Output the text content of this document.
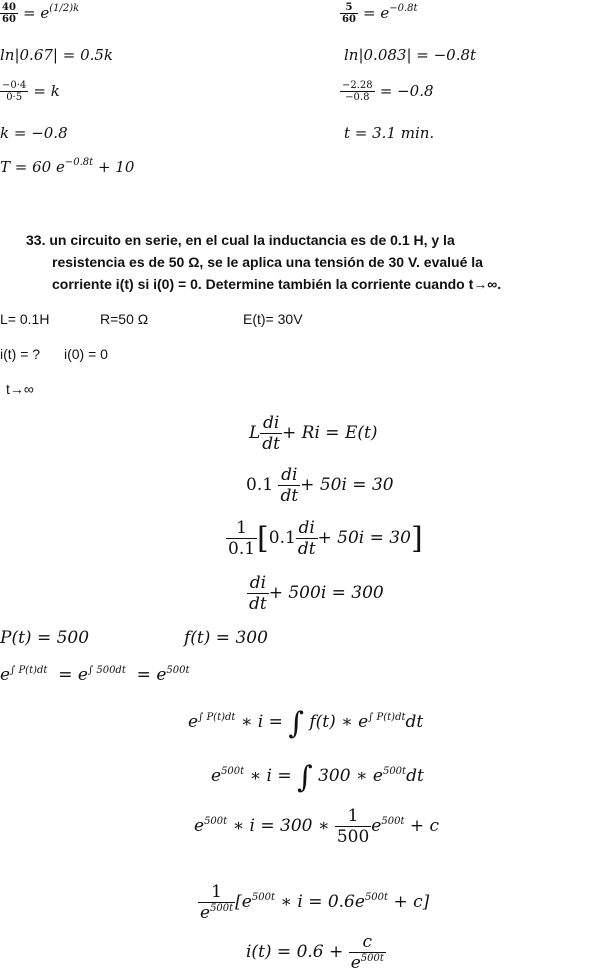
$\frac{40}{60} = e^{(1/2)k}$
ln|0.67| = 0.5k
$\frac{-0\cdot 4}{0\cdot 5} = k$
k = −0.8
T = 60 $e^{-0.8t} + 10$
$\frac{5}{60} = e^{-0.8t}$
ln|0.083| = −0.8t
$\frac{-2.28}{-0.8} = -0.8$
t = 3.1 min.
33. un circuito en serie, en el cual la inductancia es de 0.1 H, y la
resistencia es de 50 Ω, se le aplica una tensión de 30 V. evalué la
corriente i(t) si i(0) = 0. Determine también la corriente cuando t→∞.
L= 0.1H	R=50 Ω	E(t)= 30V
i(t) = ? i(0) = 0
t→∞
L $\frac{di}{dt} + Ri = E(t)$
$0.1 \frac{di}{dt} + 50i = 30$
$\frac{1}{0.1} [0.1 \frac{di}{dt} + 50i = 30]$
$\frac{di}{dt} + 500i = 300$
P(t) = 500	f(t) = 300
$e^{\int P(t)dt} = e^{\int 500dt} = e^{500t}$
$e^{\int P(t)dt}$ ∗ i = ∫ f(t) ∗ $e^{\int P(t)dt}dt$
$e^{500t}$ ∗ i = ∫ 300 ∗ $e^{500t}dt$
$e^{500t}$ ∗ i = 300 ∗ $\frac{1}{500} e^{500t} + c$
$\frac{1}{e^{500t}} [e^{500t}$ ∗ $i = 0.6e^{500t} + c$]
$i(t) = 0.6 + \frac{c}{e^{500t}}$
